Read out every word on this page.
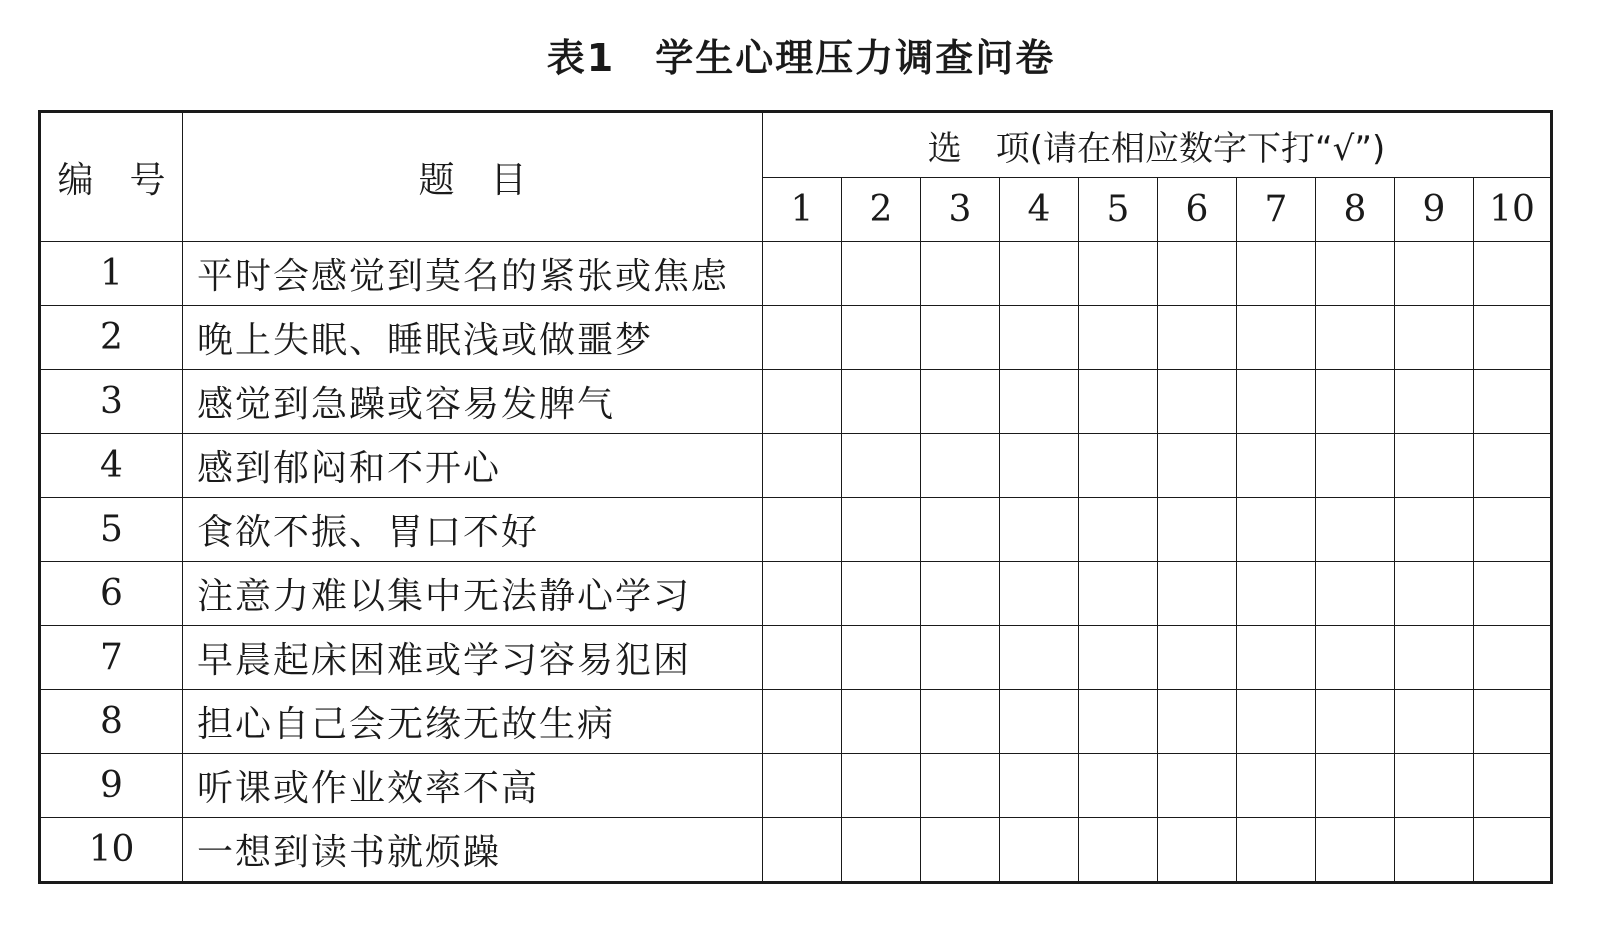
表1　学生心理压力调查问卷
编　号	题　目	选　项(请在相应数字下打“√”)									
		1	2	3	4	5	6	7	8	9	10
1	平时会感觉到莫名的紧张或焦虑										
2	晚上失眠、睡眠浅或做噩梦										
3	感觉到急躁或容易发脾气										
4	感到郁闷和不开心										
5	食欲不振、胃口不好										
6	注意力难以集中无法静心学习										
7	早晨起床困难或学习容易犯困										
8	担心自己会无缘无故生病										
9	听课或作业效率不高										
10	一想到读书就烦躁										
